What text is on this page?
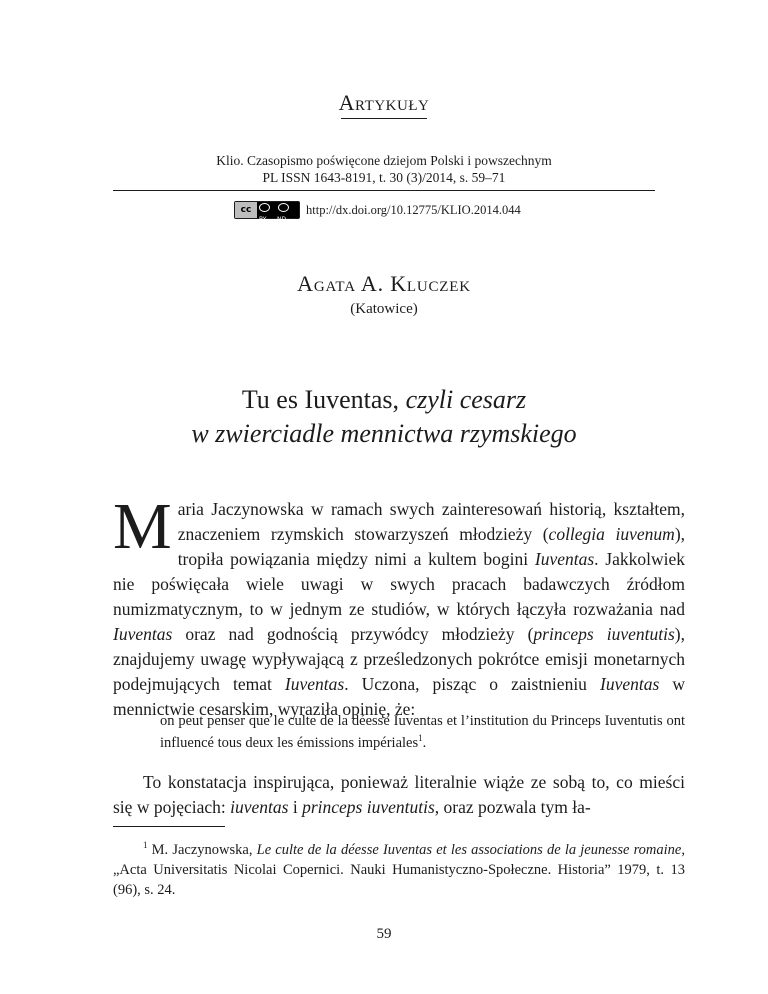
Artykuły
Klio. Czasopismo poświęcone dziejom Polski i powszechnym
PL ISSN 1643-8191, t. 30 (3)/2014, s. 59–71
cc

BY ND
http://dx.doi.org/10.12775/KLIO.2014.044
Agata A. Kluczek
(Katowice)
Tu es Iuventas, czyli cesarz
w zwierciadle mennictwa rzymskiego

M aria Jaczynowska w ramach swych zainteresowań historią, kształtem, znaczeniem rzymskich stowarzyszeń młodzieży (collegia iuvenum), tropiła powiązania między nimi a kultem bogini Iuventas. Jakkolwiek nie poświęcała wiele uwagi w swych pracach badawczych źródłom numizmatycznym, to w jednym ze studiów, w których łączyła rozważania nad Iuventas oraz nad godnością przywódcy młodzieży (princeps iuventutis), znajdujemy uwagę wypływającą z prześledzonych pokrótce emisji monetarnych podejmujących temat Iuventas. Uczona, pisząc o zaistnieniu Iuventas w mennictwie cesarskim, wyraziła opinię, że:

on peut penser que le culte de la déesse Iuventas et l’institution du Princeps Iuventutis ont influencé tous deux les émissions impériales$^1$.

To konstatacja inspirująca, ponieważ literalnie wiąże ze sobą to, co mieści się w pojęciach: iuventas i princeps iuventutis, oraz pozwala tym ła-

$^1$ M. Jaczynowska, Le culte de la déesse Iuventas et les associations de la jeunesse romaine, „Acta Universitatis Nicolai Copernici. Nauki Humanistyczno-Społeczne. Historia” 1979, t. 13 (96), s. 24.

59
